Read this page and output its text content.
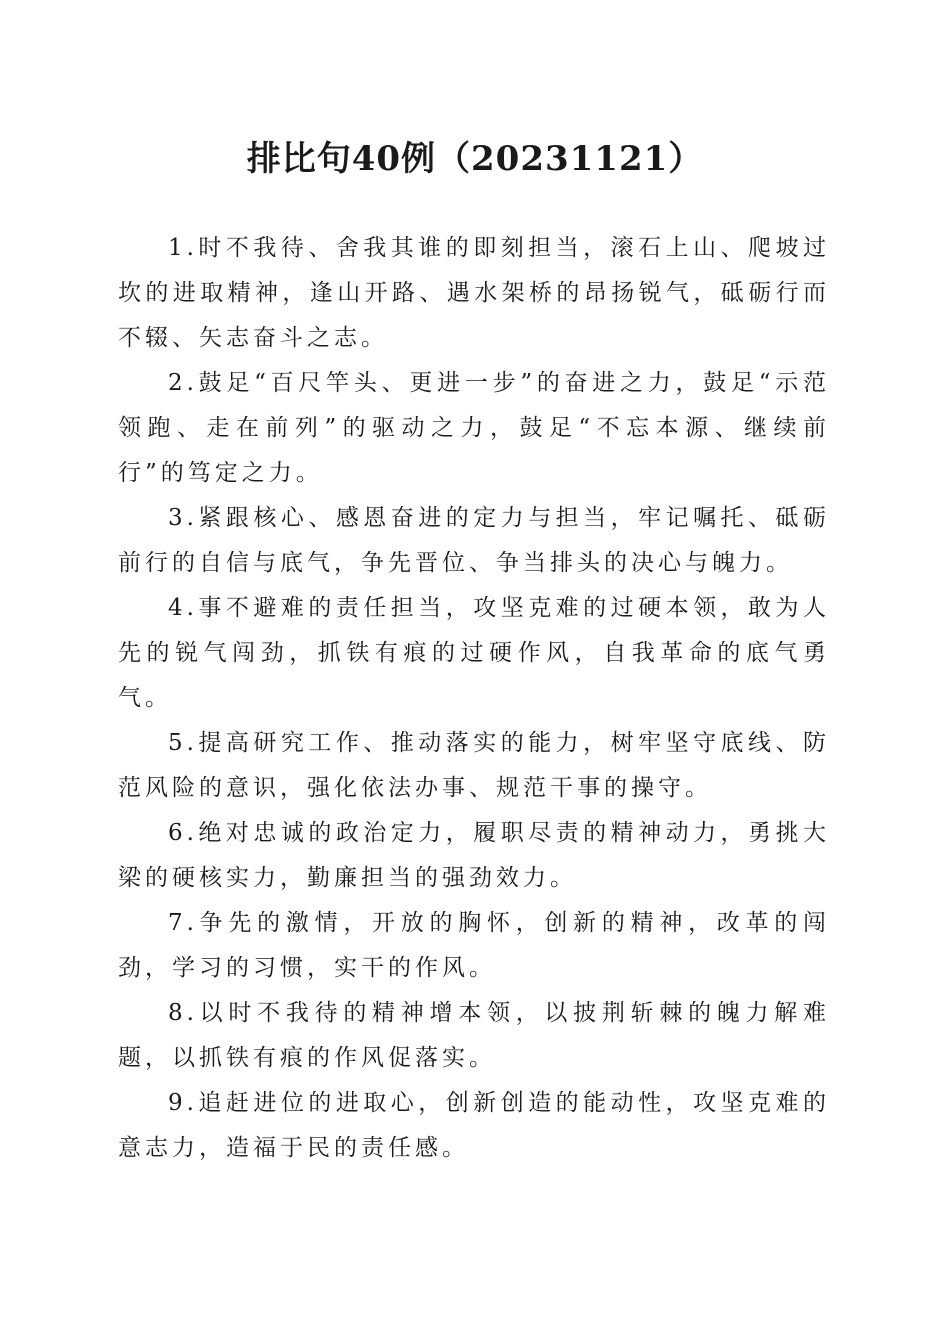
排比句40例（20231121）

1.时不我待、舍我其谁的即刻担当，滚石上山、爬坡过坎的进取精神，逢山开路、遇水架桥的昂扬锐气，砥砺行而不辍、矢志奋斗之志。

2.鼓足“百尺竿头、更进一步”的奋进之力，鼓足“示范领跑、走在前列”的驱动之力，鼓足“不忘本源、继续前行”的笃定之力。

3.紧跟核心、感恩奋进的定力与担当，牢记嘱托、砥砺前行的自信与底气，争先晋位、争当排头的决心与魄力。

4.事不避难的责任担当，攻坚克难的过硬本领，敢为人先的锐气闯劲，抓铁有痕的过硬作风，自我革命的底气勇气。

5.提高研究工作、推动落实的能力，树牢坚守底线、防范风险的意识，强化依法办事、规范干事的操守。

6.绝对忠诚的政治定力，履职尽责的精神动力，勇挑大梁的硬核实力，勤廉担当的强劲效力。

7.争先的激情，开放的胸怀，创新的精神，改革的闯劲，学习的习惯，实干的作风。

8.以时不我待的精神增本领，以披荆斩棘的魄力解难题，以抓铁有痕的作风促落实。

9.追赶进位的进取心，创新创造的能动性，攻坚克难的意志力，造福于民的责任感。
